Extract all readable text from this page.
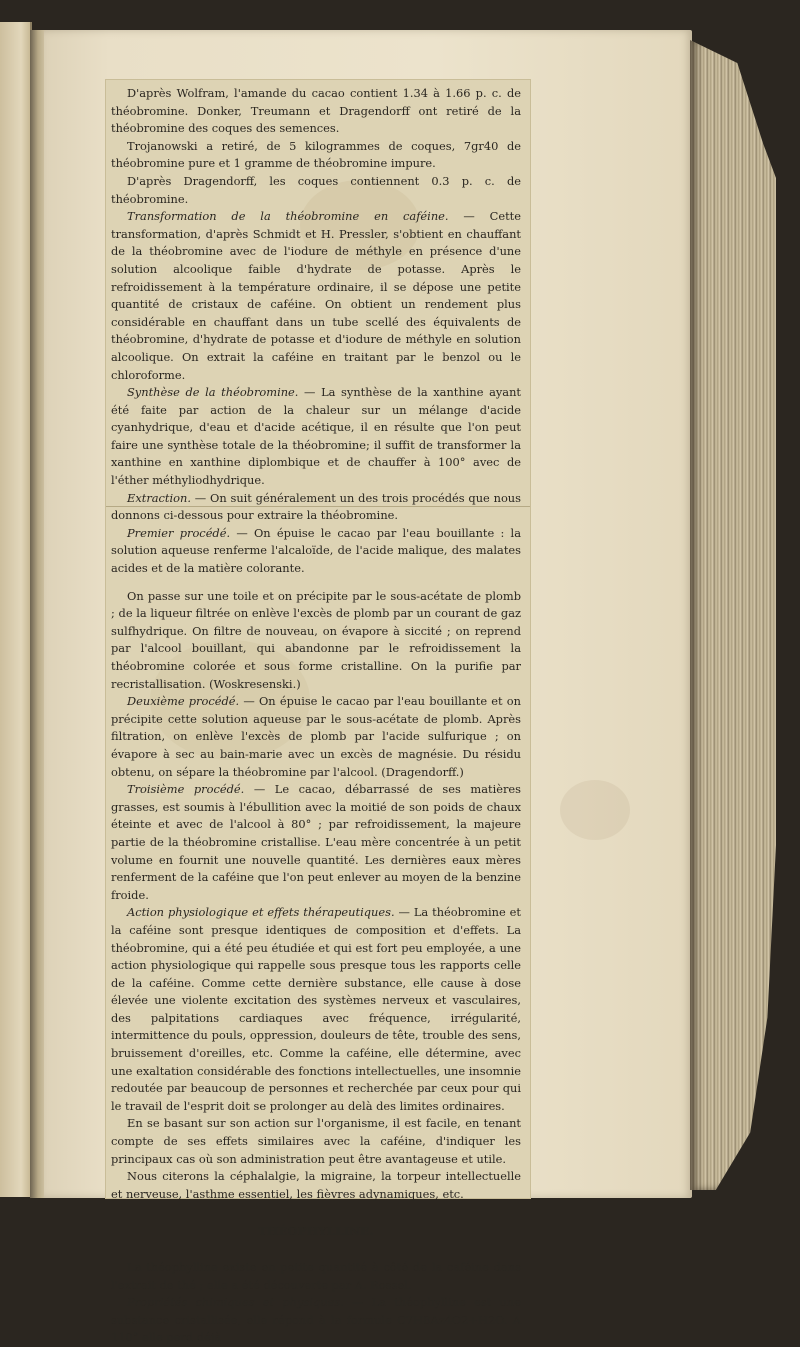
D'après Wolfram, l'amande du cacao contient 1.34 à 1.66 p. c. de théobromine. Donker, Treumann et Dragendorff ont retiré de la théobromine des coques des semences.

Trojanowski a retiré, de 5 kilogrammes de coques, 7gr40 de théobromine pure et 1 gramme de théobromine impure.

D'après Dragendorff, les coques contiennent 0.3 p. c. de théobromine.

Transformation de la théobromine en caféine. — Cette transformation, d'après Schmidt et H. Pressler, s'obtient en chauffant de la théobromine avec de l'iodure de méthyle en présence d'une solution alcoolique faible d'hydrate de potasse. Après le refroidissement à la température ordinaire, il se dépose une petite quantité de cristaux de caféine. On obtient un rendement plus considérable en chauffant dans un tube scellé des équivalents de théobromine, d'hydrate de potasse et d'iodure de méthyle en solution alcoolique. On extrait la caféine en traitant par le benzol ou le chloroforme.

Synthèse de la théobromine. — La synthèse de la xanthine ayant été faite par action de la chaleur sur un mélange d'acide cyanhydrique, d'eau et d'acide acétique, il en résulte que l'on peut faire une synthèse totale de la théobromine; il suffit de transformer la xanthine en xanthine diplombique et de chauffer à 100° avec de l'éther méthyliodhydrique.

Extraction. — On suit généralement un des trois procédés que nous donnons ci-dessous pour extraire la théobromine.

Premier procédé. — On épuise le cacao par l'eau bouillante : la solution aqueuse renferme l'alcaloïde, de l'acide malique, des malates acides et de la matière colorante.

On passe sur une toile et on précipite par le sous-acétate de plomb ; de la liqueur filtrée on enlève l'excès de plomb par un courant de gaz sulfhydrique. On filtre de nouveau, on évapore à siccité ; on reprend par l'alcool bouillant, qui abandonne par le refroidissement la théobromine colorée et sous forme cristalline. On la purifie par recristallisation. (Woskresenski.)

Deuxième procédé. — On épuise le cacao par l'eau bouillante et on précipite cette solution aqueuse par le sous-acétate de plomb. Après filtration, on enlève l'excès de plomb par l'acide sulfurique ; on évapore à sec au bain-marie avec un excès de magnésie. Du résidu obtenu, on sépare la théobromine par l'alcool. (Dragendorff.)

Troisième procédé. — Le cacao, débarrassé de ses matières grasses, est soumis à l'ébullition avec la moitié de son poids de chaux éteinte et avec de l'alcool à 80° ; par refroidissement, la majeure partie de la théobromine cristallise. L'eau mère concentrée à un petit volume en fournit une nouvelle quantité. Les dernières eaux mères renferment de la caféine que l'on peut enlever au moyen de la benzine froide.

Action physiologique et effets thérapeutiques. — La théobromine et la caféine sont presque identiques de composition et d'effets. La théobromine, qui a été peu étudiée et qui est fort peu employée, a une action physiologique qui rappelle sous presque tous les rapports celle de la caféine. Comme cette dernière substance, elle cause à dose élevée une violente excitation des systèmes nerveux et vasculaires, des palpitations cardiaques avec fréquence, irrégularité, intermittence du pouls, oppression, douleurs de tête, trouble des sens, bruissement d'oreilles, etc. Comme la caféine, elle détermine, avec une exaltation considérable des fonctions intellectuelles, une insomnie redoutée par beaucoup de personnes et recherchée par ceux pour qui le travail de l'esprit doit se prolonger au delà des limites ordinaires.

En se basant sur son action sur l'organisme, il est facile, en tenant compte de ses effets similaires avec la caféine, d'indiquer les principaux cas où son administration peut être avantageuse et utile.

Nous citerons la céphalalgie, la migraine, la torpeur intellectuelle et nerveuse, l'asthme essentiel, les fièvres adynamiques, etc.

THÉOPHYLLINE.

La théophylline existe en petite quantité à côté de la caféine dans l'extrait de thé ; elle a été découverte par A. Rossel.

Propriétés chimiques et physiques. — La théophylline est une substance cristallisée, elle répond à la formule C7H8Az4O2+H2O. A 110° elle perd déjà
